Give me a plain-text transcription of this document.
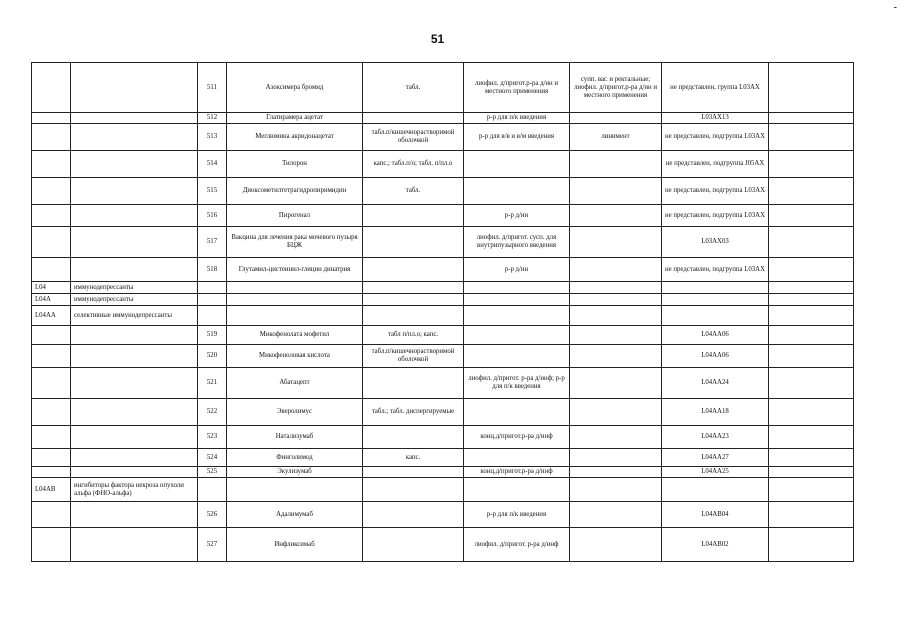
51
-
		511	Азоксимера бромид	табл.	лиофил. д/пригот.р-ра д/ин и местного применения	супп. ваг. и ректальные; лиофил. д/пригот.р-ра д/ин и местного применения	не представлен, группа L03AX	
		512	Глатирамера ацетат		р-р для п/к введения		L03AX13	
		513	Меглюмина акридонацетат	табл.п/кишечнорастворимой оболочкой	р-р для в/в и в/м введения	линимент	не представлен, подгруппа L03AX	
		514	Тилорон	капс.; табл.п/о; табл. п/пл.о			не представлен, подгруппа J05AX	
		515	Диоксометилтетрагидропиримидин	табл.			не представлен, подгруппа L03AX	
		516	Пирогенал		р-р д/ин		не представлен, подгруппа L03AX	
		517	Вакцина для лечения рака мочевого пузыря БЦЖ		лиофил. д/пригот. сусп. для внутрипузырного введения		L03AX03	
		518	Глутамил-цистеинил-глицин динатрия		р-р д/ин		не представлен, подгруппа L03AX	
L04	иммунодепрессанты							
L04A	иммунодепрессанты							
L04AA	селективные иммунодепрессанты							
		519	Микофенолата мофетил	табл п/пл.о; капс.			L04AA06	
		520	Микофеноловая кислота	табл.п/кишечнорастворимой оболочкой			L04AA06	
		521	Абатацепт		лиофил. д/пригот. р-ра д/инф; р-р для п/к введения		L04AA24	
		522	Эверолимус	табл.; табл. диспергируемые			L04AA18	
		523	Натализумаб		конц.д/пригот.р-ра д/инф		L04AA23	
		524	Финголимод	капс.			L04AA27	
		525	Экулизумаб		конц.д/пригот.р-ра д/инф		L04AA25	
L04AB	ингибиторы фактора некроза опухоли альфа (ФНО-альфа)							
		526	Адалимумаб		р-р для п/к введения		L04AB04	
		527	Инфликсимаб		лиофил. д/пригот. р-ра д/инф		L04AB02	
